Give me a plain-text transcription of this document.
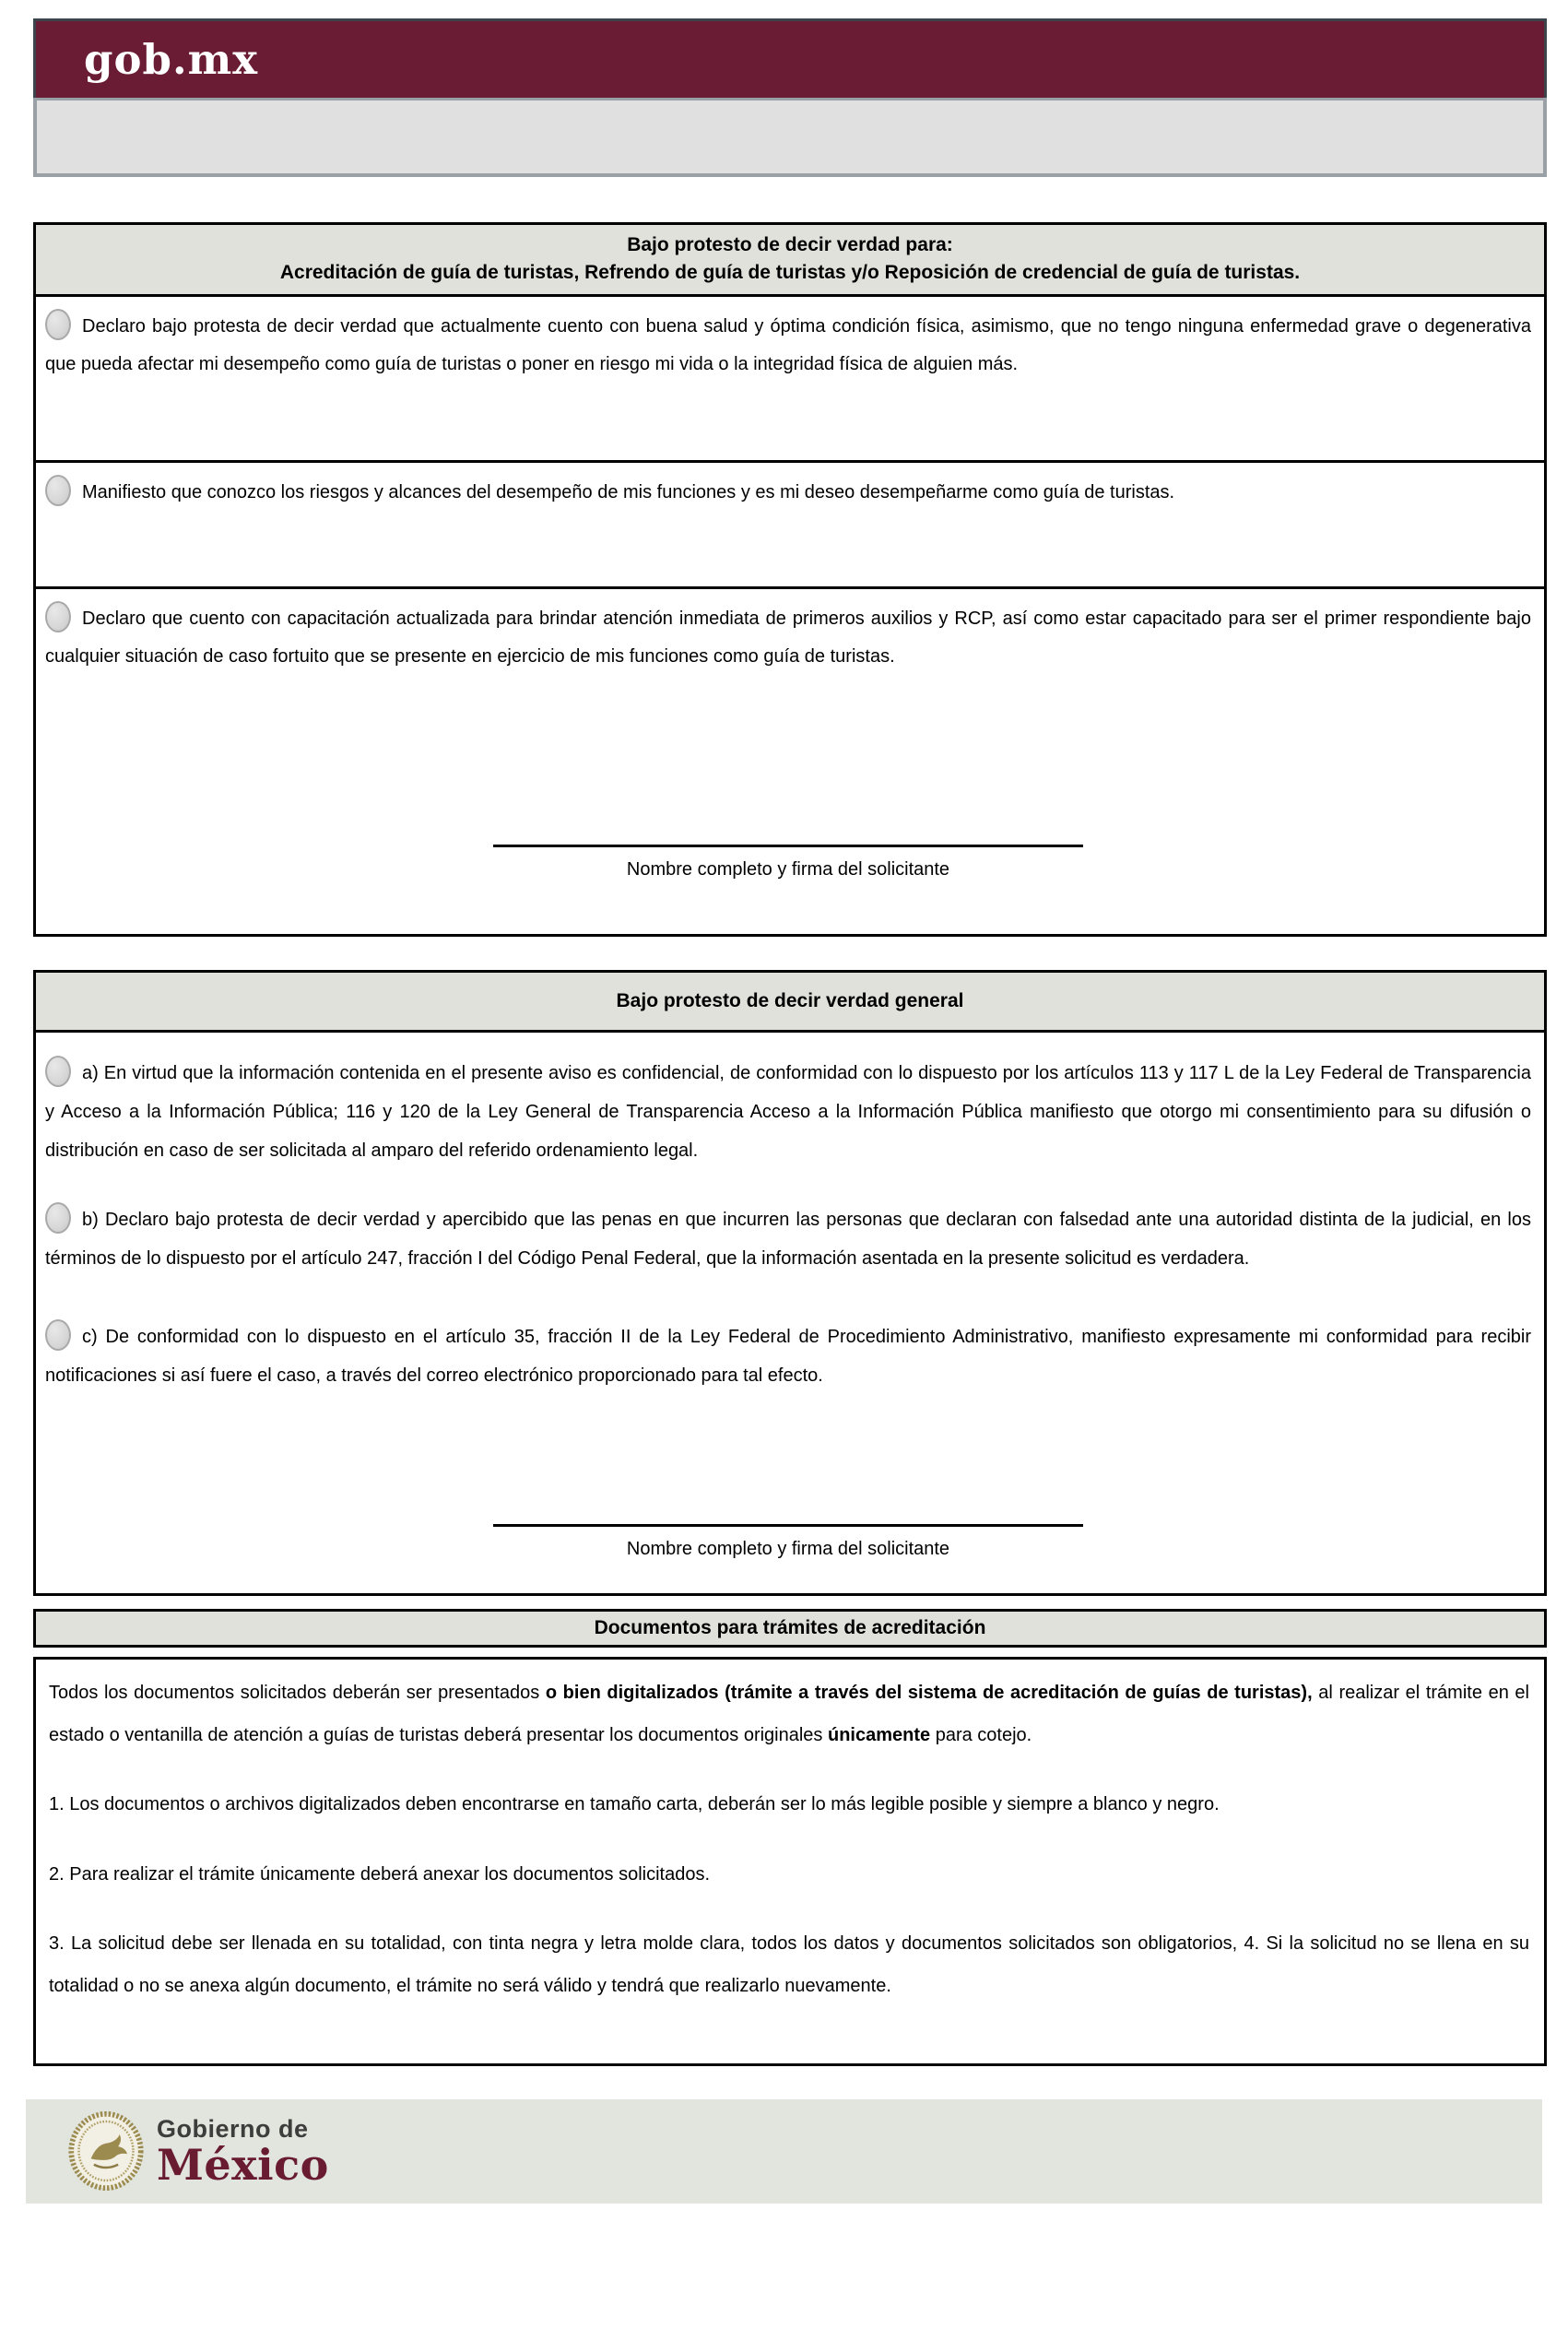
gob.mx
Bajo protesto de decir verdad para:
Acreditación de guía de turistas, Refrendo de guía de turistas y/o Reposición de credencial de guía de turistas.
Declaro bajo protesta de decir verdad que actualmente cuento con buena salud y óptima condición física, asimismo, que no tengo ninguna enfermedad grave o degenerativa que pueda afectar mi desempeño como guía de turistas o poner en riesgo mi vida o la integridad física de alguien más.
Manifiesto que conozco los riesgos y alcances del desempeño de mis funciones y es mi deseo desempeñarme como guía de turistas.
Declaro que cuento con capacitación actualizada para brindar atención inmediata de primeros auxilios y RCP, así como estar capacitado para ser el primer respondiente bajo cualquier situación de caso fortuito que se presente en ejercicio de mis funciones como guía de turistas.
Nombre completo y firma del solicitante
Bajo protesto de decir verdad general

a) En virtud que la información contenida en el presente aviso es confidencial, de conformidad con lo dispuesto por los artículos 113 y 117 L de la Ley Federal de Transparencia y Acceso a la Información Pública; 116 y 120 de la Ley General de Transparencia Acceso a la Información Pública manifiesto que otorgo mi consentimiento para su difusión o distribución en caso de ser solicitada al amparo del referido ordenamiento legal.

b) Declaro bajo protesta de decir verdad y apercibido que las penas en que incurren las personas que declaran con falsedad ante una autoridad distinta de la judicial, en los términos de lo dispuesto por el artículo 247, fracción I del Código Penal Federal, que la información asentada en la presente solicitud es verdadera.

c) De conformidad con lo dispuesto en el artículo 35, fracción II de la Ley Federal de Procedimiento Administrativo, manifiesto expresamente mi conformidad para recibir notificaciones si así fuere el caso, a través del correo electrónico proporcionado para tal efecto.

Nombre completo y firma del solicitante
Documentos para trámites de acreditación

Todos los documentos solicitados deberán ser presentados o bien digitalizados (trámite a través del sistema de acreditación de guías de turistas), al realizar el trámite en el estado o ventanilla de atención a guías de turistas deberá presentar los documentos originales únicamente para cotejo.

1. Los documentos o archivos digitalizados deben encontrarse en tamaño carta, deberán ser lo más legible posible y siempre a blanco y negro.

2. Para realizar el trámite únicamente deberá anexar los documentos solicitados.

3. La solicitud debe ser llenada en su totalidad, con tinta negra y letra molde clara, todos los datos y documentos solicitados son obligatorios, 4. Si la solicitud no se llena en su totalidad o no se anexa algún documento, el trámite no será válido y tendrá que realizarlo nuevamente.

Gobierno de
México
